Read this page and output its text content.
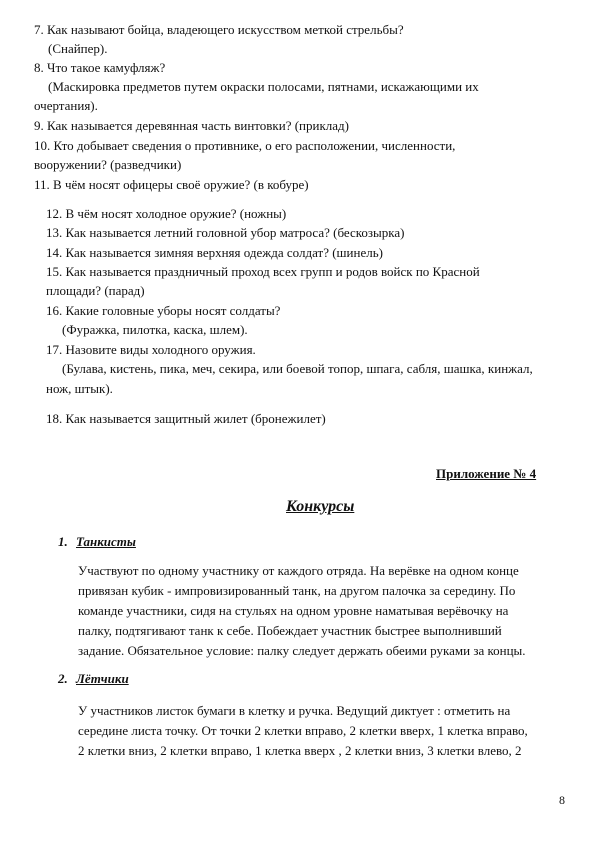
7. Как называют бойца, владеющего искусством меткой стрельбы?
(Снайпер).
8. Что такое камуфляж?
(Маскировка предметов путем окраски полосами, пятнами, искажающими их
очертания).
9. Как называется деревянная часть винтовки? (приклад)
10. Кто добывает сведения о противнике, о его расположении, численности,
вооружении? (разведчики)
11. В чём носят офицеры своё оружие? (в кобуре)
12. В чём носят холодное оружие? (ножны)
13. Как называется летний головной убор матроса? (бескозырка)
14. Как называется зимняя верхняя одежда солдат? (шинель)
15. Как называется праздничный проход всех групп и родов войск по Красной
площади? (парад)
16. Какие головные уборы носят солдаты?
(Фуражка, пилотка, каска, шлем).
17. Назовите виды холодного оружия.
(Булава, кистень, пика, меч, секира, или боевой топор, шпага, сабля, шашка, кинжал,
нож, штык).
18. Как называется защитный жилет (бронежилет)
Приложение № 4
Конкурсы
1. Танкисты
Участвуют по одному участнику от каждого отряда. На верёвке на одном конце
привязан кубик - импровизированный танк, на другом палочка за середину. По
команде участники, сидя на стульях на одном уровне наматывая верёвочку на
палку, подтягивают танк к себе. Побеждает участник быстрее выполнивший
задание. Обязательное условие: палку следует держать обеими руками за концы.
2. Лётчики
У участников листок бумаги в клетку и ручка. Ведущий диктует : отметить на
середине листа точку. От точки 2 клетки вправо, 2 клетки вверх, 1 клетка вправо,
2 клетки вниз, 2 клетки вправо, 1 клетка вверх , 2 клетки вниз, 3 клетки влево, 2
8
